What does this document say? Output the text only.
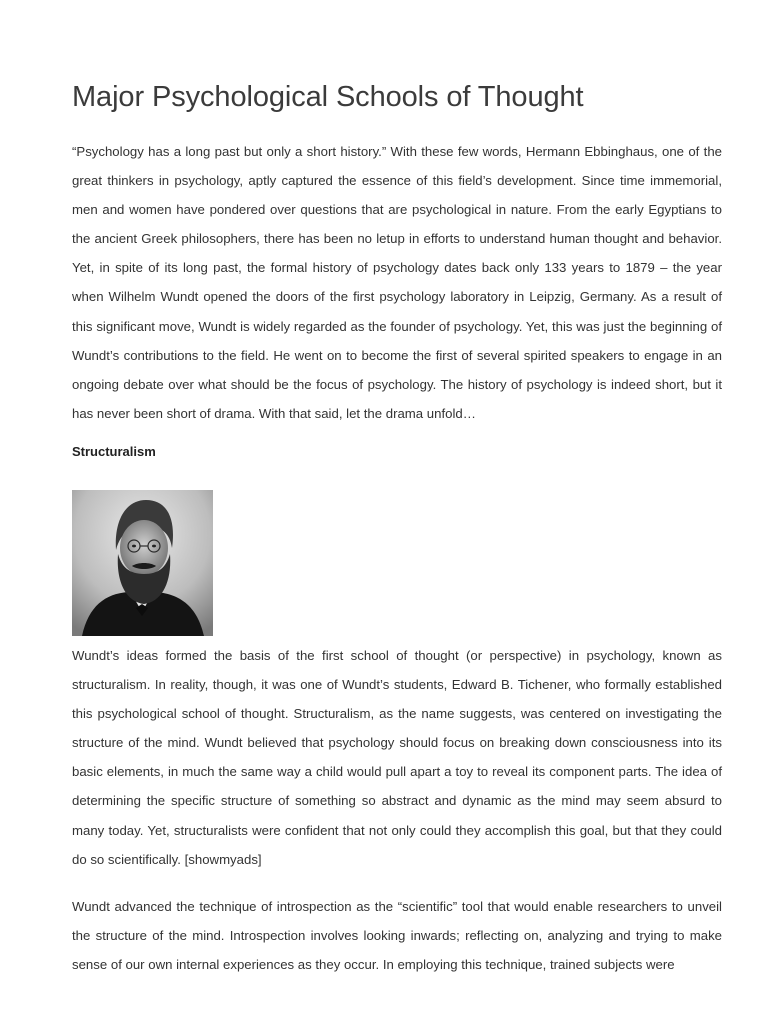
Major Psychological Schools of Thought

“Psychology has a long past but only a short history.” With these few words, Hermann Ebbinghaus, one of the great thinkers in psychology, aptly captured the essence of this field’s development. Since time immemorial, men and women have pondered over questions that are psychological in nature. From the early Egyptians to the ancient Greek philosophers, there has been no letup in efforts to understand human thought and behavior. Yet, in spite of its long past, the formal history of psychology dates back only 133 years to 1879 – the year when Wilhelm Wundt opened the doors of the first psychology laboratory in Leipzig, Germany. As a result of this significant move, Wundt is widely regarded as the founder of psychology. Yet, this was just the beginning of Wundt’s contributions to the field. He went on to become the first of several spirited speakers to engage in an ongoing debate over what should be the focus of psychology. The history of psychology is indeed short, but it has never been short of drama. With that said, let the drama unfold…

Structuralism

Wundt’s ideas formed the basis of the first school of thought (or perspective) in psychology, known as structuralism. In reality, though, it was one of Wundt’s students, Edward B. Tichener, who formally established this psychological school of thought. Structuralism, as the name suggests, was centered on investigating the structure of the mind. Wundt believed that psychology should focus on breaking down consciousness into its basic elements, in much the same way a child would pull apart a toy to reveal its component parts. The idea of determining the specific structure of something so abstract and dynamic as the mind may seem absurd to many today. Yet, structuralists were confident that not only could they accomplish this goal, but that they could do so scientifically. [showmyads]

Wundt advanced the technique of introspection as the “scientific” tool that would enable researchers to unveil the structure of the mind. Introspection involves looking inwards; reflecting on, analyzing and trying to make sense of our own internal experiences as they occur. In employing this technique, trained subjects were
